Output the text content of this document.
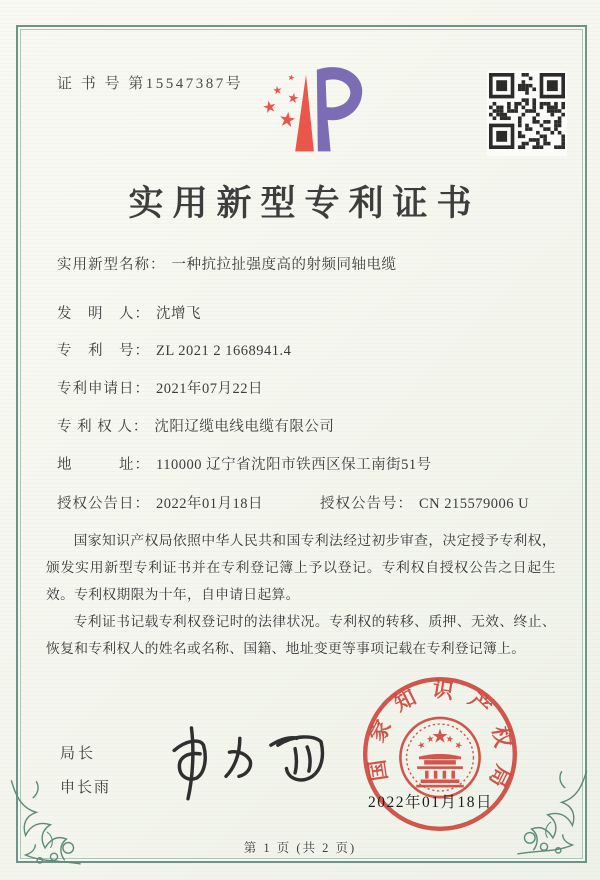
证 书 号 第15547387号
实用新型专利证书
实用新型名称： 一种抗拉扯强度高的射频同轴电缆
发　明　人： 沈增飞
专　利　号： ZL 2021 2 1668941.4
专利申请日： 2021年07月22日
专 利 权 人： 沈阳辽缆电线电缆有限公司
地　　　址： 110000 辽宁省沈阳市铁西区保工南街51号
授权公告日： 2022年01月18日	授权公告号： CN 215579006 U

国家知识产权局依照中华人民共和国专利法经过初步审查，决定授予专利权，颁发实用新型专利证书并在专利登记簿上予以登记。专利权自授权公告之日起生效。专利权期限为十年，自申请日起算。

专利证书记载专利权登记时的法律状况。专利权的转移、质押、无效、终止、恢复和专利权人的姓名或名称、国籍、地址变更等事项记载在专利登记簿上。

局长
申长雨
国家知识产权局
2022年01月18日
第 1 页 (共 2 页)
